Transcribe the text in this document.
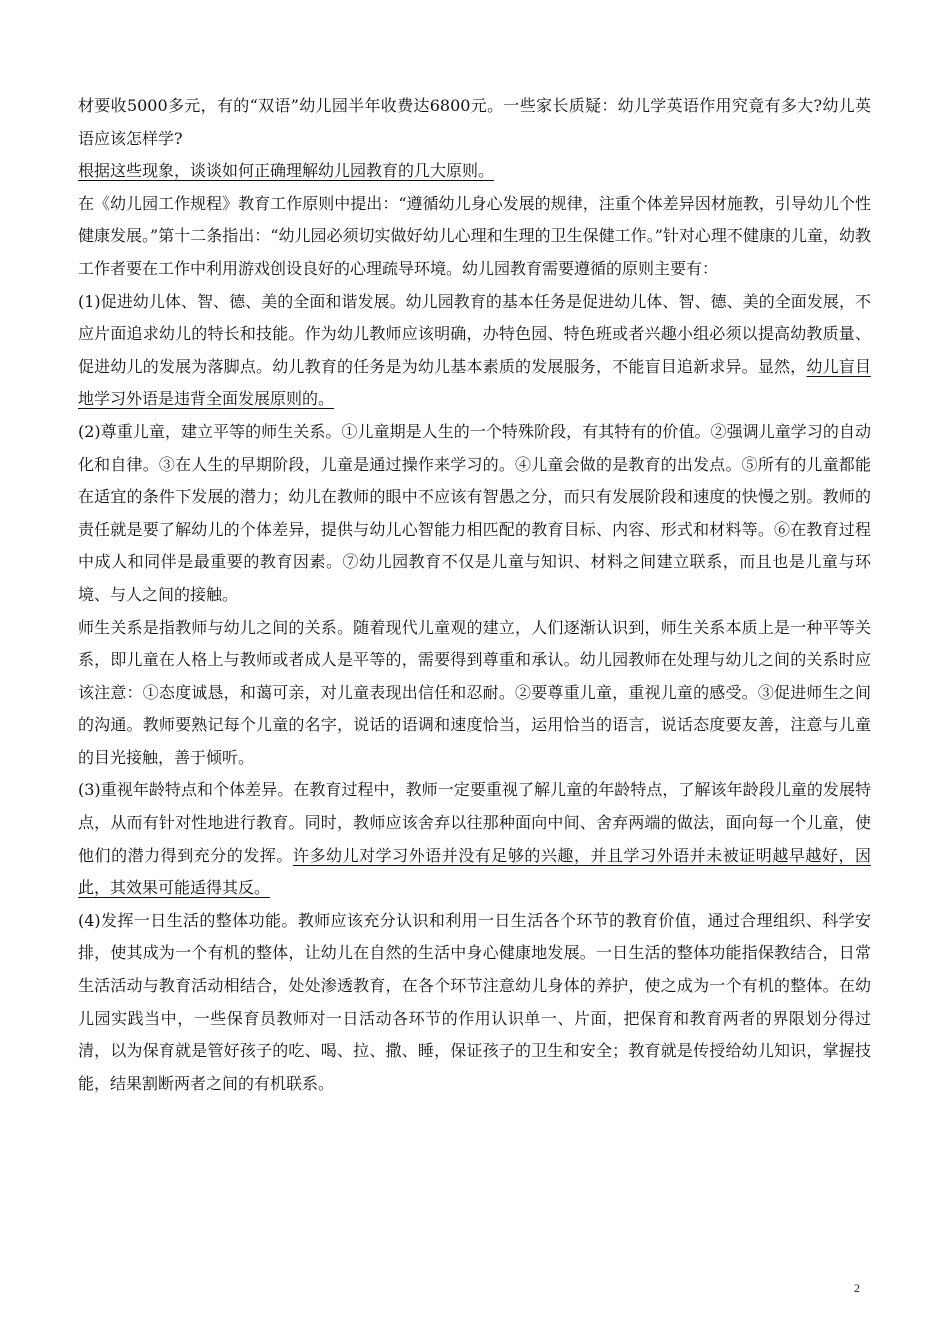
材要收5000多元，有的“双语”幼儿园半年收费达6800元。一些家长质疑：幼儿学英语作用究竟有多大?幼儿英语应该怎样学?

根据这些现象，谈谈如何正确理解幼儿园教育的几大原则。

在《幼儿园工作规程》教育工作原则中提出：“遵循幼儿身心发展的规律，注重个体差异因材施教，引导幼儿个性健康发展。”第十二条指出：“幼儿园必须切实做好幼儿心理和生理的卫生保健工作。”针对心理不健康的儿童，幼教工作者要在工作中利用游戏创设良好的心理疏导环境。幼儿园教育需要遵循的原则主要有：

(1)促进幼儿体、智、德、美的全面和谐发展。幼儿园教育的基本任务是促进幼儿体、智、德、美的全面发展，不应片面追求幼儿的特长和技能。作为幼儿教师应该明确，办特色园、特色班或者兴趣小组必须以提高幼教质量、促进幼儿的发展为落脚点。幼儿教育的任务是为幼儿基本素质的发展服务，不能盲目追新求异。显然，幼儿盲目地学习外语是违背全面发展原则的。

(2)尊重儿童，建立平等的师生关系。①儿童期是人生的一个特殊阶段，有其特有的价值。②强调儿童学习的自动化和自律。③在人生的早期阶段，儿童是通过操作来学习的。④儿童会做的是教育的出发点。⑤所有的儿童都能在适宜的条件下发展的潜力；幼儿在教师的眼中不应该有智愚之分，而只有发展阶段和速度的快慢之别。教师的责任就是要了解幼儿的个体差异，提供与幼儿心智能力相匹配的教育目标、内容、形式和材料等。⑥在教育过程中成人和同伴是最重要的教育因素。⑦幼儿园教育不仅是儿童与知识、材料之间建立联系，而且也是儿童与环境、与人之间的接触。

师生关系是指教师与幼儿之间的关系。随着现代儿童观的建立，人们逐渐认识到，师生关系本质上是一种平等关系，即儿童在人格上与教师或者成人是平等的，需要得到尊重和承认。幼儿园教师在处理与幼儿之间的关系时应该注意：①态度诚恳，和蔼可亲，对儿童表现出信任和忍耐。②要尊重儿童，重视儿童的感受。③促进师生之间的沟通。教师要熟记每个儿童的名字，说话的语调和速度恰当，运用恰当的语言，说话态度要友善，注意与儿童的目光接触，善于倾听。

(3)重视年龄特点和个体差异。在教育过程中，教师一定要重视了解儿童的年龄特点，了解该年龄段儿童的发展特点，从而有针对性地进行教育。同时，教师应该舍弃以往那种面向中间、舍弃两端的做法，面向每一个儿童，使他们的潜力得到充分的发挥。许多幼儿对学习外语并没有足够的兴趣，并且学习外语并未被证明越早越好，因此，其效果可能适得其反。

(4)发挥一日生活的整体功能。教师应该充分认识和利用一日生活各个环节的教育价值，通过合理组织、科学安排，使其成为一个有机的整体，让幼儿在自然的生活中身心健康地发展。一日生活的整体功能指保教结合，日常生活活动与教育活动相结合，处处渗透教育，在各个环节注意幼儿身体的养护，使之成为一个有机的整体。在幼儿园实践当中，一些保育员教师对一日活动各环节的作用认识单一、片面，把保育和教育两者的界限划分得过清，以为保育就是管好孩子的吃、喝、拉、撒、睡，保证孩子的卫生和安全；教育就是传授给幼儿知识，掌握技能，结果割断两者之间的有机联系。

2
